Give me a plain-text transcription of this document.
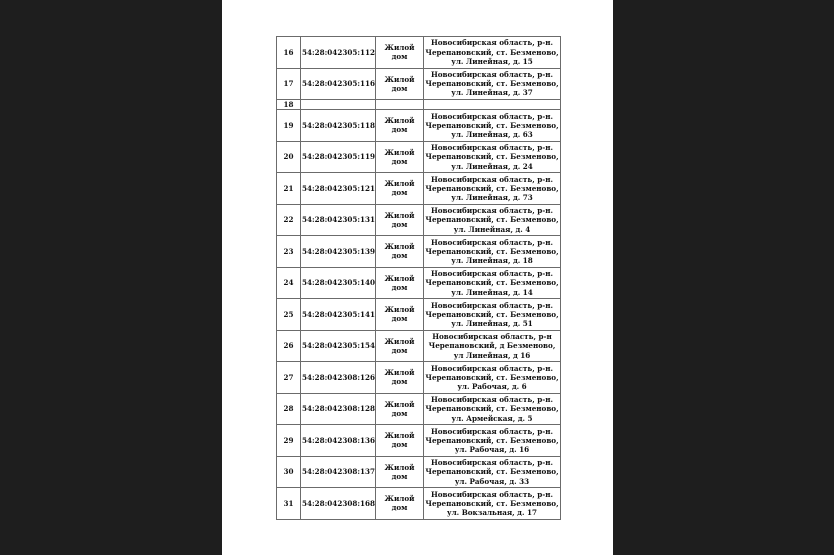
16	54:28:042305:112	Жилой дом	Новосибирская область, р-н. Черепановский, ст. Безменово, ул. Линейная, д. 15
17	54:28:042305:116	Жилой дом	Новосибирская область, р-н. Черепановский, ст. Безменово, ул. Линейная, д. 37
18			
19	54:28:042305:118	Жилой дом	Новосибирская область, р-н. Черепановский, ст. Безменово, ул. Линейная, д. 63
20	54:28:042305:119	Жилой дом	Новосибирская область, р-н. Черепановский, ст. Безменово, ул. Линейная, д. 24
21	54:28:042305:121	Жилой дом	Новосибирская область, р-н. Черепановский, ст. Безменово, ул. Линейная, д. 73
22	54:28:042305:131	Жилой дом	Новосибирская область, р-н. Черепановский, ст. Безменово, ул. Линейная, д. 4
23	54:28:042305:139	Жилой дом	Новосибирская область, р-н. Черепановский, ст. Безменово, ул. Линейная, д. 18
24	54:28:042305:140	Жилой дом	Новосибирская область, р-н. Черепановский, ст. Безменово, ул. Линейная, д. 14
25	54:28:042305:141	Жилой дом	Новосибирская область, р-н. Черепановский, ст. Безменово, ул. Линейная, д. 51
26	54:28:042305:154	Жилой дом	Новосибирская область, р-н Черепановский, д Безменово, ул Линейная, д 16
27	54:28:042308:126	Жилой дом	Новосибирская область, р-н. Черепановский, ст. Безменово, ул. Рабочая, д. 6
28	54:28:042308:128	Жилой дом	Новосибирская область, р-н. Черепановский, ст. Безменово, ул. Армейская, д. 5
29	54:28:042308:136	Жилой дом	Новосибирская область, р-н. Черепановский, ст. Безменово, ул. Рабочая, д. 16
30	54:28:042308:137	Жилой дом	Новосибирская область, р-н. Черепановский, ст. Безменово, ул. Рабочая, д. 33
31	54:28:042308:168	Жилой дом	Новосибирская область, р-н. Черепановский, ст. Безменово, ул. Вокзальная, д. 17
